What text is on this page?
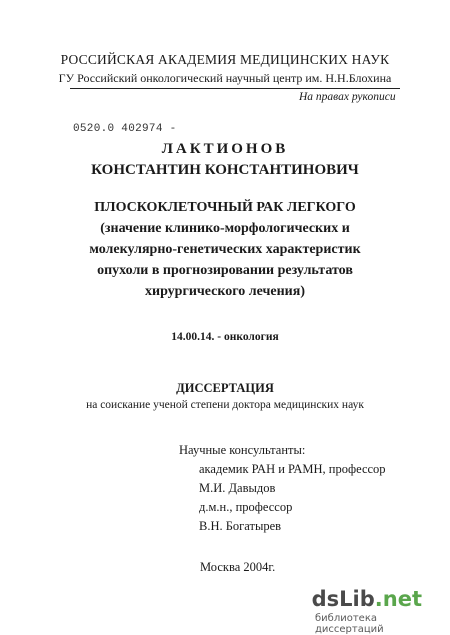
РОССИЙСКАЯ АКАДЕМИЯ МЕДИЦИНСКИХ НАУК
ГУ Российский онкологический научный центр им. Н.Н.Блохина
На правах рукописи
0520.0 402974 -
ЛАКТИОНОВ
КОНСТАНТИН КОНСТАНТИНОВИЧ
ПЛОСКОКЛЕТОЧНЫЙ РАК ЛЕГКОГО
(значение клинико-морфологических и
молекулярно-генетических характеристик
опухоли в прогнозировании результатов
хирургического лечения)
14.00.14. - онкология
ДИССЕРТАЦИЯ
на соискание ученой степени доктора медицинских наук
Научные консультанты:
академик РАН и РАМН, профессор
М.И. Давыдов
д.м.н., профессор
В.Н. Богатырев
Москва 2004г.
dsLib.net
библиотека диссертаций
